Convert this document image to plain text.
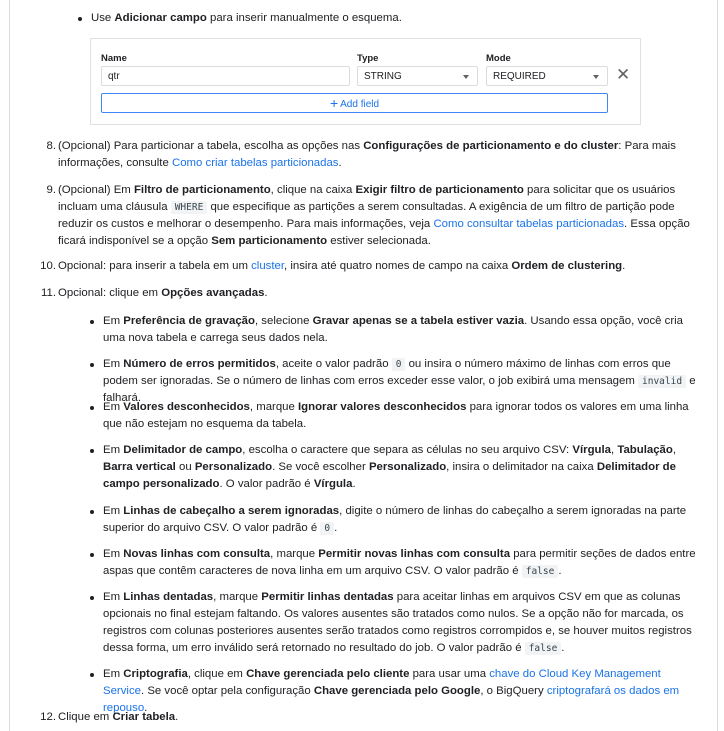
Use Adicionar campo para inserir manualmente o esquema.

Name	Type	Mode
qtr	STRING	REQUIRED	✕
+ Add field

8. (Opcional) Para particionar a tabela, escolha as opções nas Configurações de particionamento e do cluster: Para mais informações, consulte Como criar tabelas particionadas.

9. (Opcional) Em Filtro de particionamento, clique na caixa Exigir filtro de particionamento para solicitar que os usuários incluam uma cláusula WHERE que especifique as partições a serem consultadas. A exigência de um filtro de partição pode reduzir os custos e melhorar o desempenho. Para mais informações, veja Como consultar tabelas particionadas. Essa opção ficará indisponível se a opção Sem particionamento estiver selecionada.

10. Opcional: para inserir a tabela em um cluster, insira até quatro nomes de campo na caixa Ordem de clustering.

11. Opcional: clique em Opções avançadas.

Em Preferência de gravação, selecione Gravar apenas se a tabela estiver vazia. Usando essa opção, você cria uma nova tabela e carrega seus dados nela.

Em Número de erros permitidos, aceite o valor padrão 0 ou insira o número máximo de linhas com erros que podem ser ignoradas. Se o número de linhas com erros exceder esse valor, o job exibirá uma mensagem invalid e falhará.

Em Valores desconhecidos, marque Ignorar valores desconhecidos para ignorar todos os valores em uma linha que não estejam no esquema da tabela.

Em Delimitador de campo, escolha o caractere que separa as células no seu arquivo CSV: Vírgula, Tabulação, Barra vertical ou Personalizado. Se você escolher Personalizado, insira o delimitador na caixa Delimitador de campo personalizado. O valor padrão é Vírgula.

Em Linhas de cabeçalho a serem ignoradas, digite o número de linhas do cabeçalho a serem ignoradas na parte superior do arquivo CSV. O valor padrão é 0 .

Em Novas linhas com consulta, marque Permitir novas linhas com consulta para permitir seções de dados entre aspas que contêm caracteres de nova linha em um arquivo CSV. O valor padrão é false .

Em Linhas dentadas, marque Permitir linhas dentadas para aceitar linhas em arquivos CSV em que as colunas opcionais no final estejam faltando. Os valores ausentes são tratados como nulos. Se a opção não for marcada, os registros com colunas posteriores ausentes serão tratados como registros corrompidos e, se houver muitos registros dessa forma, um erro inválido será retornado no resultado do job. O valor padrão é false .

Em Criptografia, clique em Chave gerenciada pelo cliente para usar uma chave do Cloud Key Management Service. Se você optar pela configuração Chave gerenciada pelo Google, o BigQuery criptografará os dados em repouso.

12. Clique em Criar tabela.
